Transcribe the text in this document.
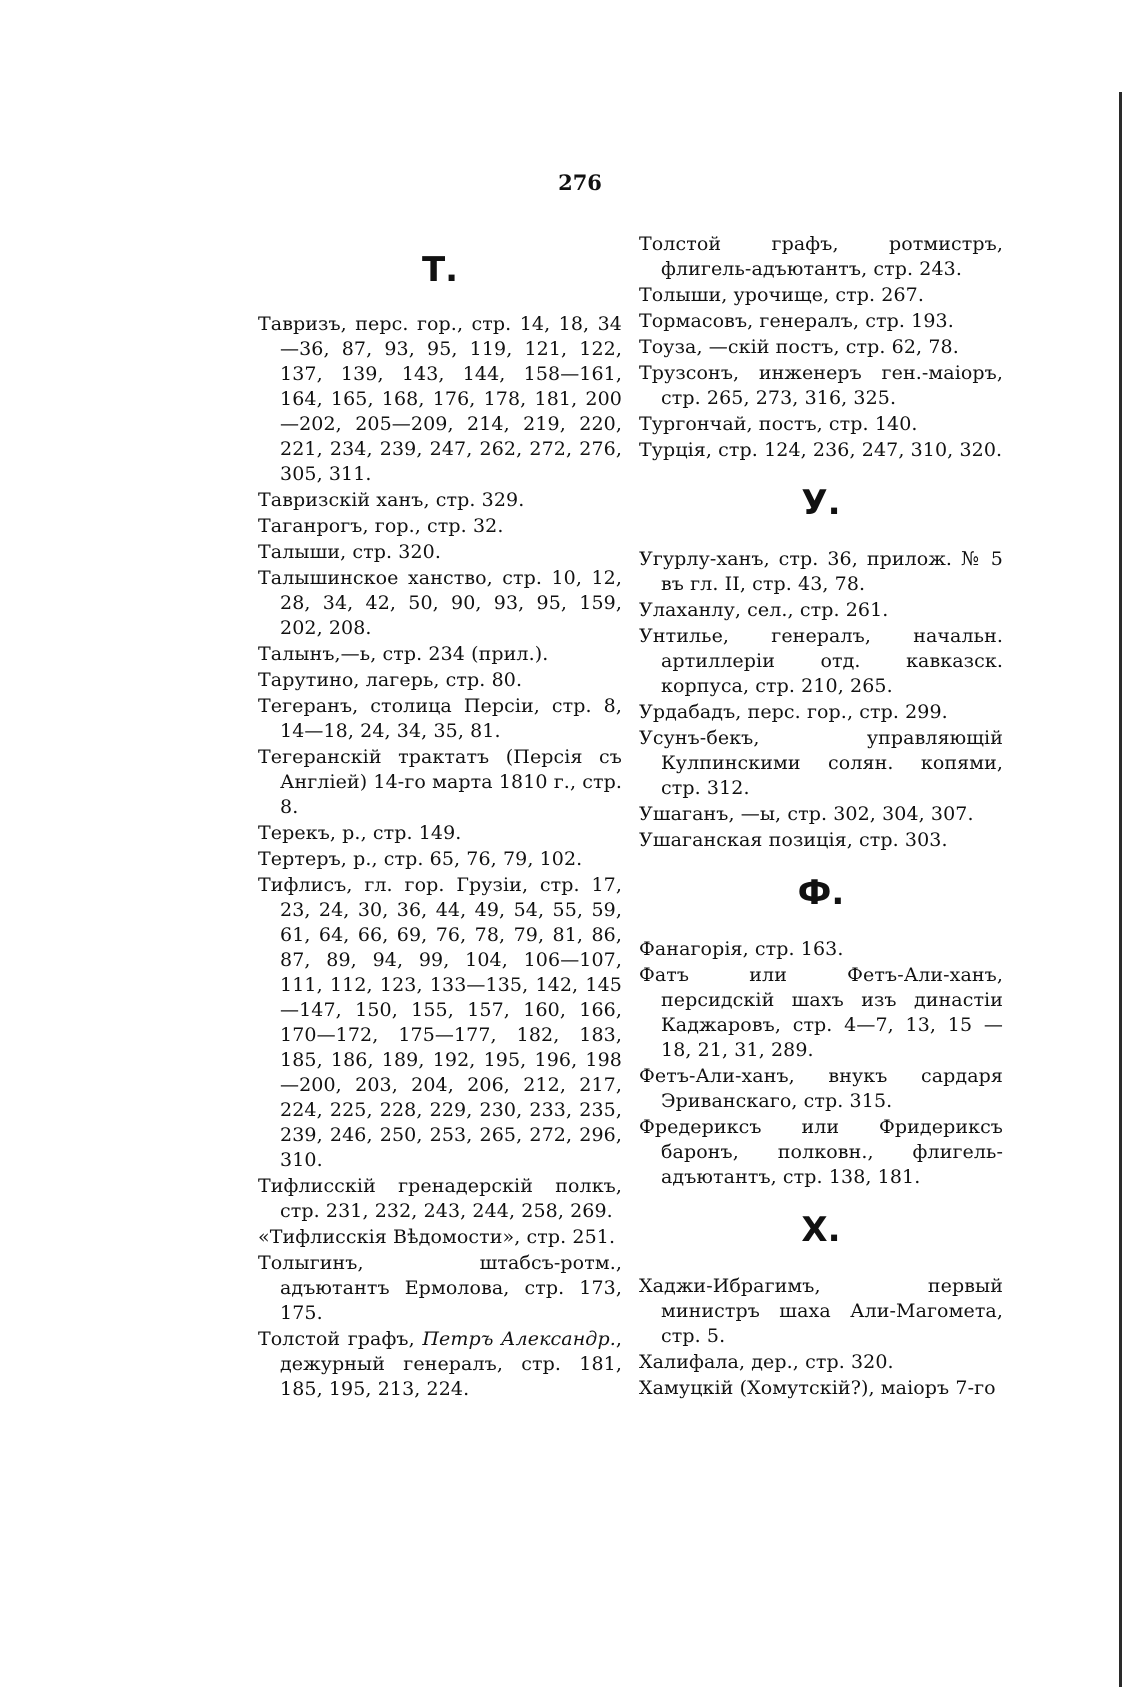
276
Т.

Тавризъ, перс. гор., стр. 14, 18, 34—36, 87, 93, 95, 119, 121, 122, 137, 139, 143, 144, 158—161, 164, 165, 168, 176, 178, 181, 200—202, 205—209, 214, 219, 220, 221, 234, 239, 247, 262, 272, 276, 305, 311.

Тавризскій ханъ, стр. 329.

Таганрогъ, гор., стр. 32.

Талыши, стр. 320.

Талышинское ханство, стр. 10, 12, 28, 34, 42, 50, 90, 93, 95, 159, 202, 208.

Талынъ,—ь, стр. 234 (прил.).

Тарутино, лагерь, стр. 80.

Тегеранъ, столица Персіи, стр. 8, 14—18, 24, 34, 35, 81.

Тегеранскій трактатъ (Персія съ Англіей) 14-го марта 1810 г., стр. 8.

Терекъ, р., стр. 149.

Тертеръ, р., стр. 65, 76, 79, 102.

Тифлисъ, гл. гор. Грузіи, стр. 17, 23, 24, 30, 36, 44, 49, 54, 55, 59, 61, 64, 66, 69, 76, 78, 79, 81, 86, 87, 89, 94, 99, 104, 106—107, 111, 112, 123, 133—135, 142, 145—147, 150, 155, 157, 160, 166, 170—172, 175—177, 182, 183, 185, 186, 189, 192, 195, 196, 198—200, 203, 204, 206, 212, 217, 224, 225, 228, 229, 230, 233, 235, 239, 246, 250, 253, 265, 272, 296, 310.

Тифлисскій гренадерскій полкъ, стр. 231, 232, 243, 244, 258, 269.

«Тифлисскія Вѣдомости», стр. 251.

Толыгинъ, штабсъ-ротм., адъютантъ Ермолова, стр. 173, 175.

Толстой графъ, Петръ Александр., дежурный генералъ, стр. 181, 185, 195, 213, 224.

Толстой графъ, ротмистръ, флигель-адъютантъ, стр. 243.

Толыши, урочище, стр. 267.

Тормасовъ, генералъ, стр. 193.

Тоуза, —скій постъ, стр. 62, 78.

Трузсонъ, инженеръ ген.-маіоръ, стр. 265, 273, 316, 325.

Тургончай, постъ, стр. 140.

Турція, стр. 124, 236, 247, 310, 320.

У.

Угурлу-ханъ, стр. 36, прилож. № 5 въ гл. II, стр. 43, 78.

Улаханлу, сел., стр. 261.

Унтильe, генералъ, начальн. артиллеріи отд. кавказск. корпуса, стр. 210, 265.

Урдабадъ, перс. гор., стр. 299.

Усунъ-бекъ, управляющій Кулпинскими солян. копями, стр. 312.

Ушаганъ, —ы, стр. 302, 304, 307.

Ушаганская позиція, стр. 303.

Ф.

Фанагорія, стр. 163.

Фатъ или Фетъ-Али-ханъ, персидскій шахъ изъ династіи Каджаровъ, стр. 4—7, 13, 15 — 18, 21, 31, 289.

Фетъ-Али-ханъ, внукъ сардаря Эриванскаго, стр. 315.

Фредериксъ или Фридериксъ баронъ, полковн., флигель-адъютантъ, стр. 138, 181.

Х.

Хаджи-Ибрагимъ, первый министръ шаха Али-Магомета, стр. 5.

Халифала, дер., стр. 320.

Хамуцкій (Хомутскій?), маіоръ 7-го
